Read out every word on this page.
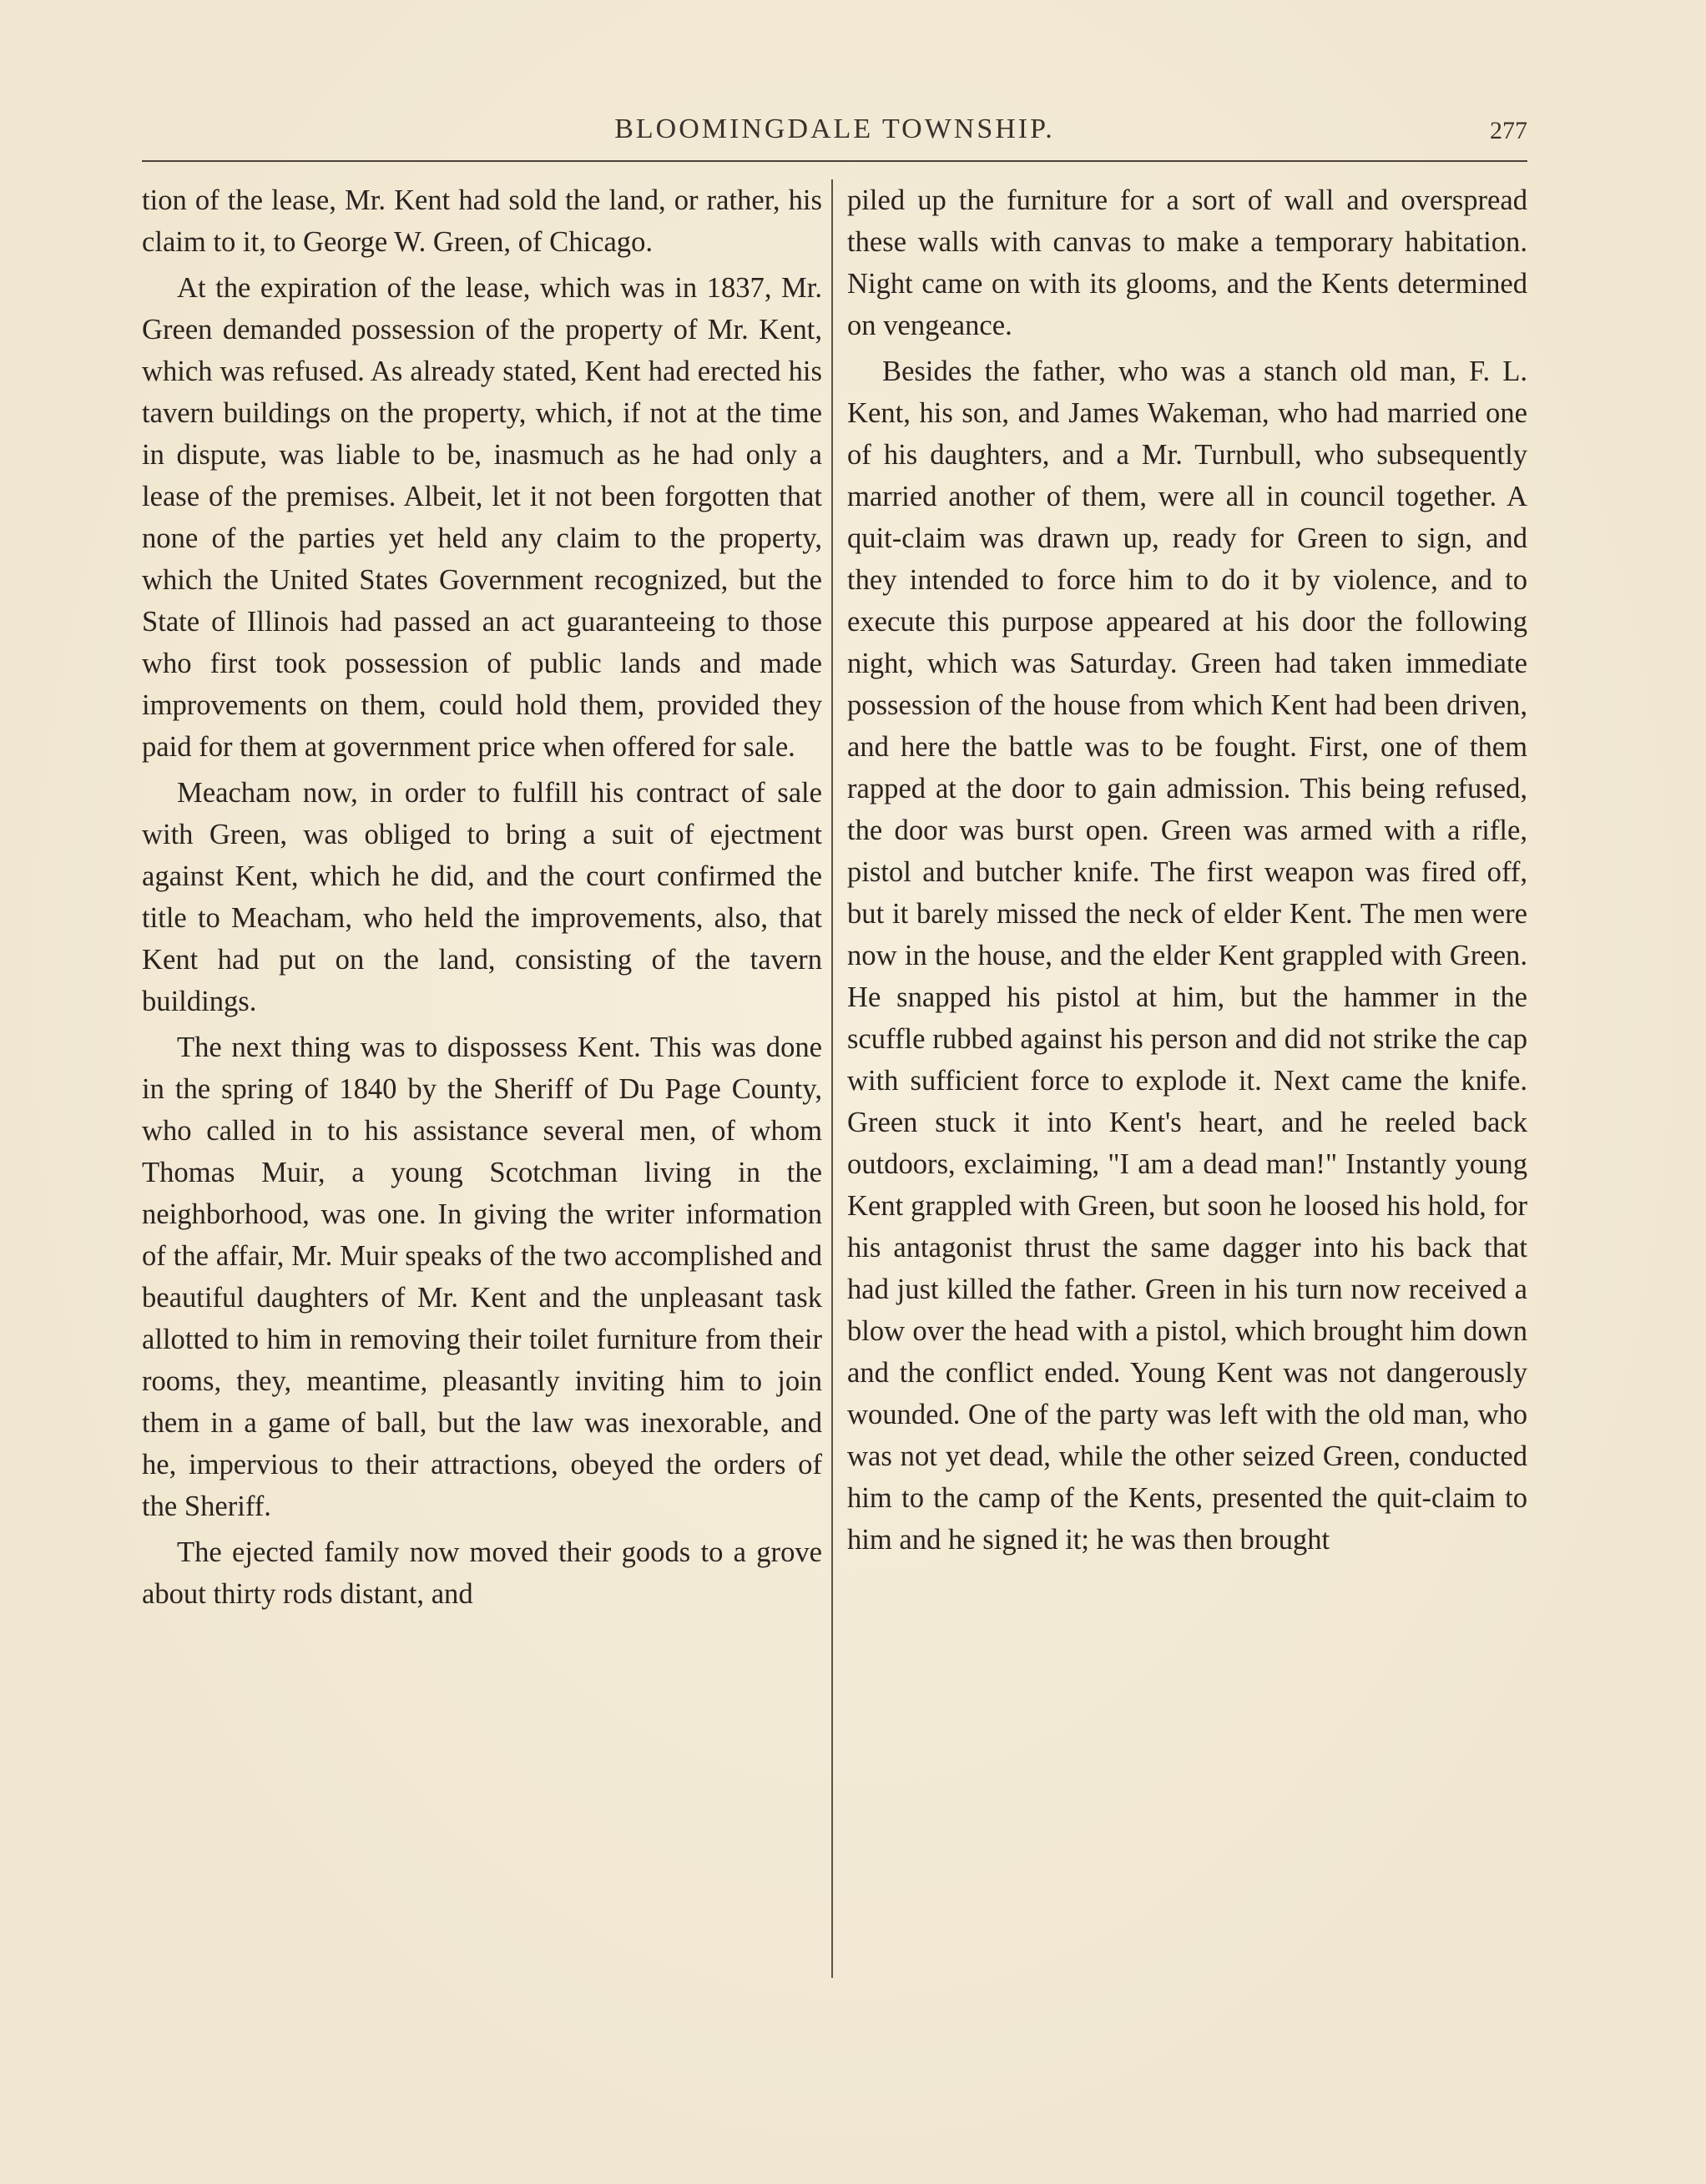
BLOOMINGDALE TOWNSHIP.	277

tion of the lease, Mr. Kent had sold the land, or rather, his claim to it, to George W. Green, of Chicago.

At the expiration of the lease, which was in 1837, Mr. Green demanded possession of the property of Mr. Kent, which was refused. As already stated, Kent had erected his tavern buildings on the property, which, if not at the time in dispute, was liable to be, inasmuch as he had only a lease of the premises. Albeit, let it not been forgotten that none of the parties yet held any claim to the property, which the United States Government recognized, but the State of Illinois had passed an act guaranteeing to those who first took possession of public lands and made improvements on them, could hold them, provided they paid for them at government price when offered for sale.

Meacham now, in order to fulfill his contract of sale with Green, was obliged to bring a suit of ejectment against Kent, which he did, and the court confirmed the title to Meacham, who held the improvements, also, that Kent had put on the land, consisting of the tavern buildings.

The next thing was to dispossess Kent. This was done in the spring of 1840 by the Sheriff of Du Page County, who called in to his assistance several men, of whom Thomas Muir, a young Scotchman living in the neighborhood, was one. In giving the writer information of the affair, Mr. Muir speaks of the two accomplished and beautiful daughters of Mr. Kent and the unpleasant task allotted to him in removing their toilet furniture from their rooms, they, meantime, pleasantly inviting him to join them in a game of ball, but the law was inexorable, and he, impervious to their attractions, obeyed the orders of the Sheriff.

The ejected family now moved their goods to a grove about thirty rods distant, and

piled up the furniture for a sort of wall and overspread these walls with canvas to make a temporary habitation. Night came on with its glooms, and the Kents determined on vengeance.

Besides the father, who was a stanch old man, F. L. Kent, his son, and James Wakeman, who had married one of his daughters, and a Mr. Turnbull, who subsequently married another of them, were all in council together. A quit-claim was drawn up, ready for Green to sign, and they intended to force him to do it by violence, and to execute this purpose appeared at his door the following night, which was Saturday. Green had taken immediate possession of the house from which Kent had been driven, and here the battle was to be fought. First, one of them rapped at the door to gain admission. This being refused, the door was burst open. Green was armed with a rifle, pistol and butcher knife. The first weapon was fired off, but it barely missed the neck of elder Kent. The men were now in the house, and the elder Kent grappled with Green. He snapped his pistol at him, but the hammer in the scuffle rubbed against his person and did not strike the cap with sufficient force to explode it. Next came the knife. Green stuck it into Kent's heart, and he reeled back outdoors, exclaiming, "I am a dead man!" Instantly young Kent grappled with Green, but soon he loosed his hold, for his antagonist thrust the same dagger into his back that had just killed the father. Green in his turn now received a blow over the head with a pistol, which brought him down and the conflict ended. Young Kent was not dangerously wounded. One of the party was left with the old man, who was not yet dead, while the other seized Green, conducted him to the camp of the Kents, presented the quit-claim to him and he signed it; he was then brought
